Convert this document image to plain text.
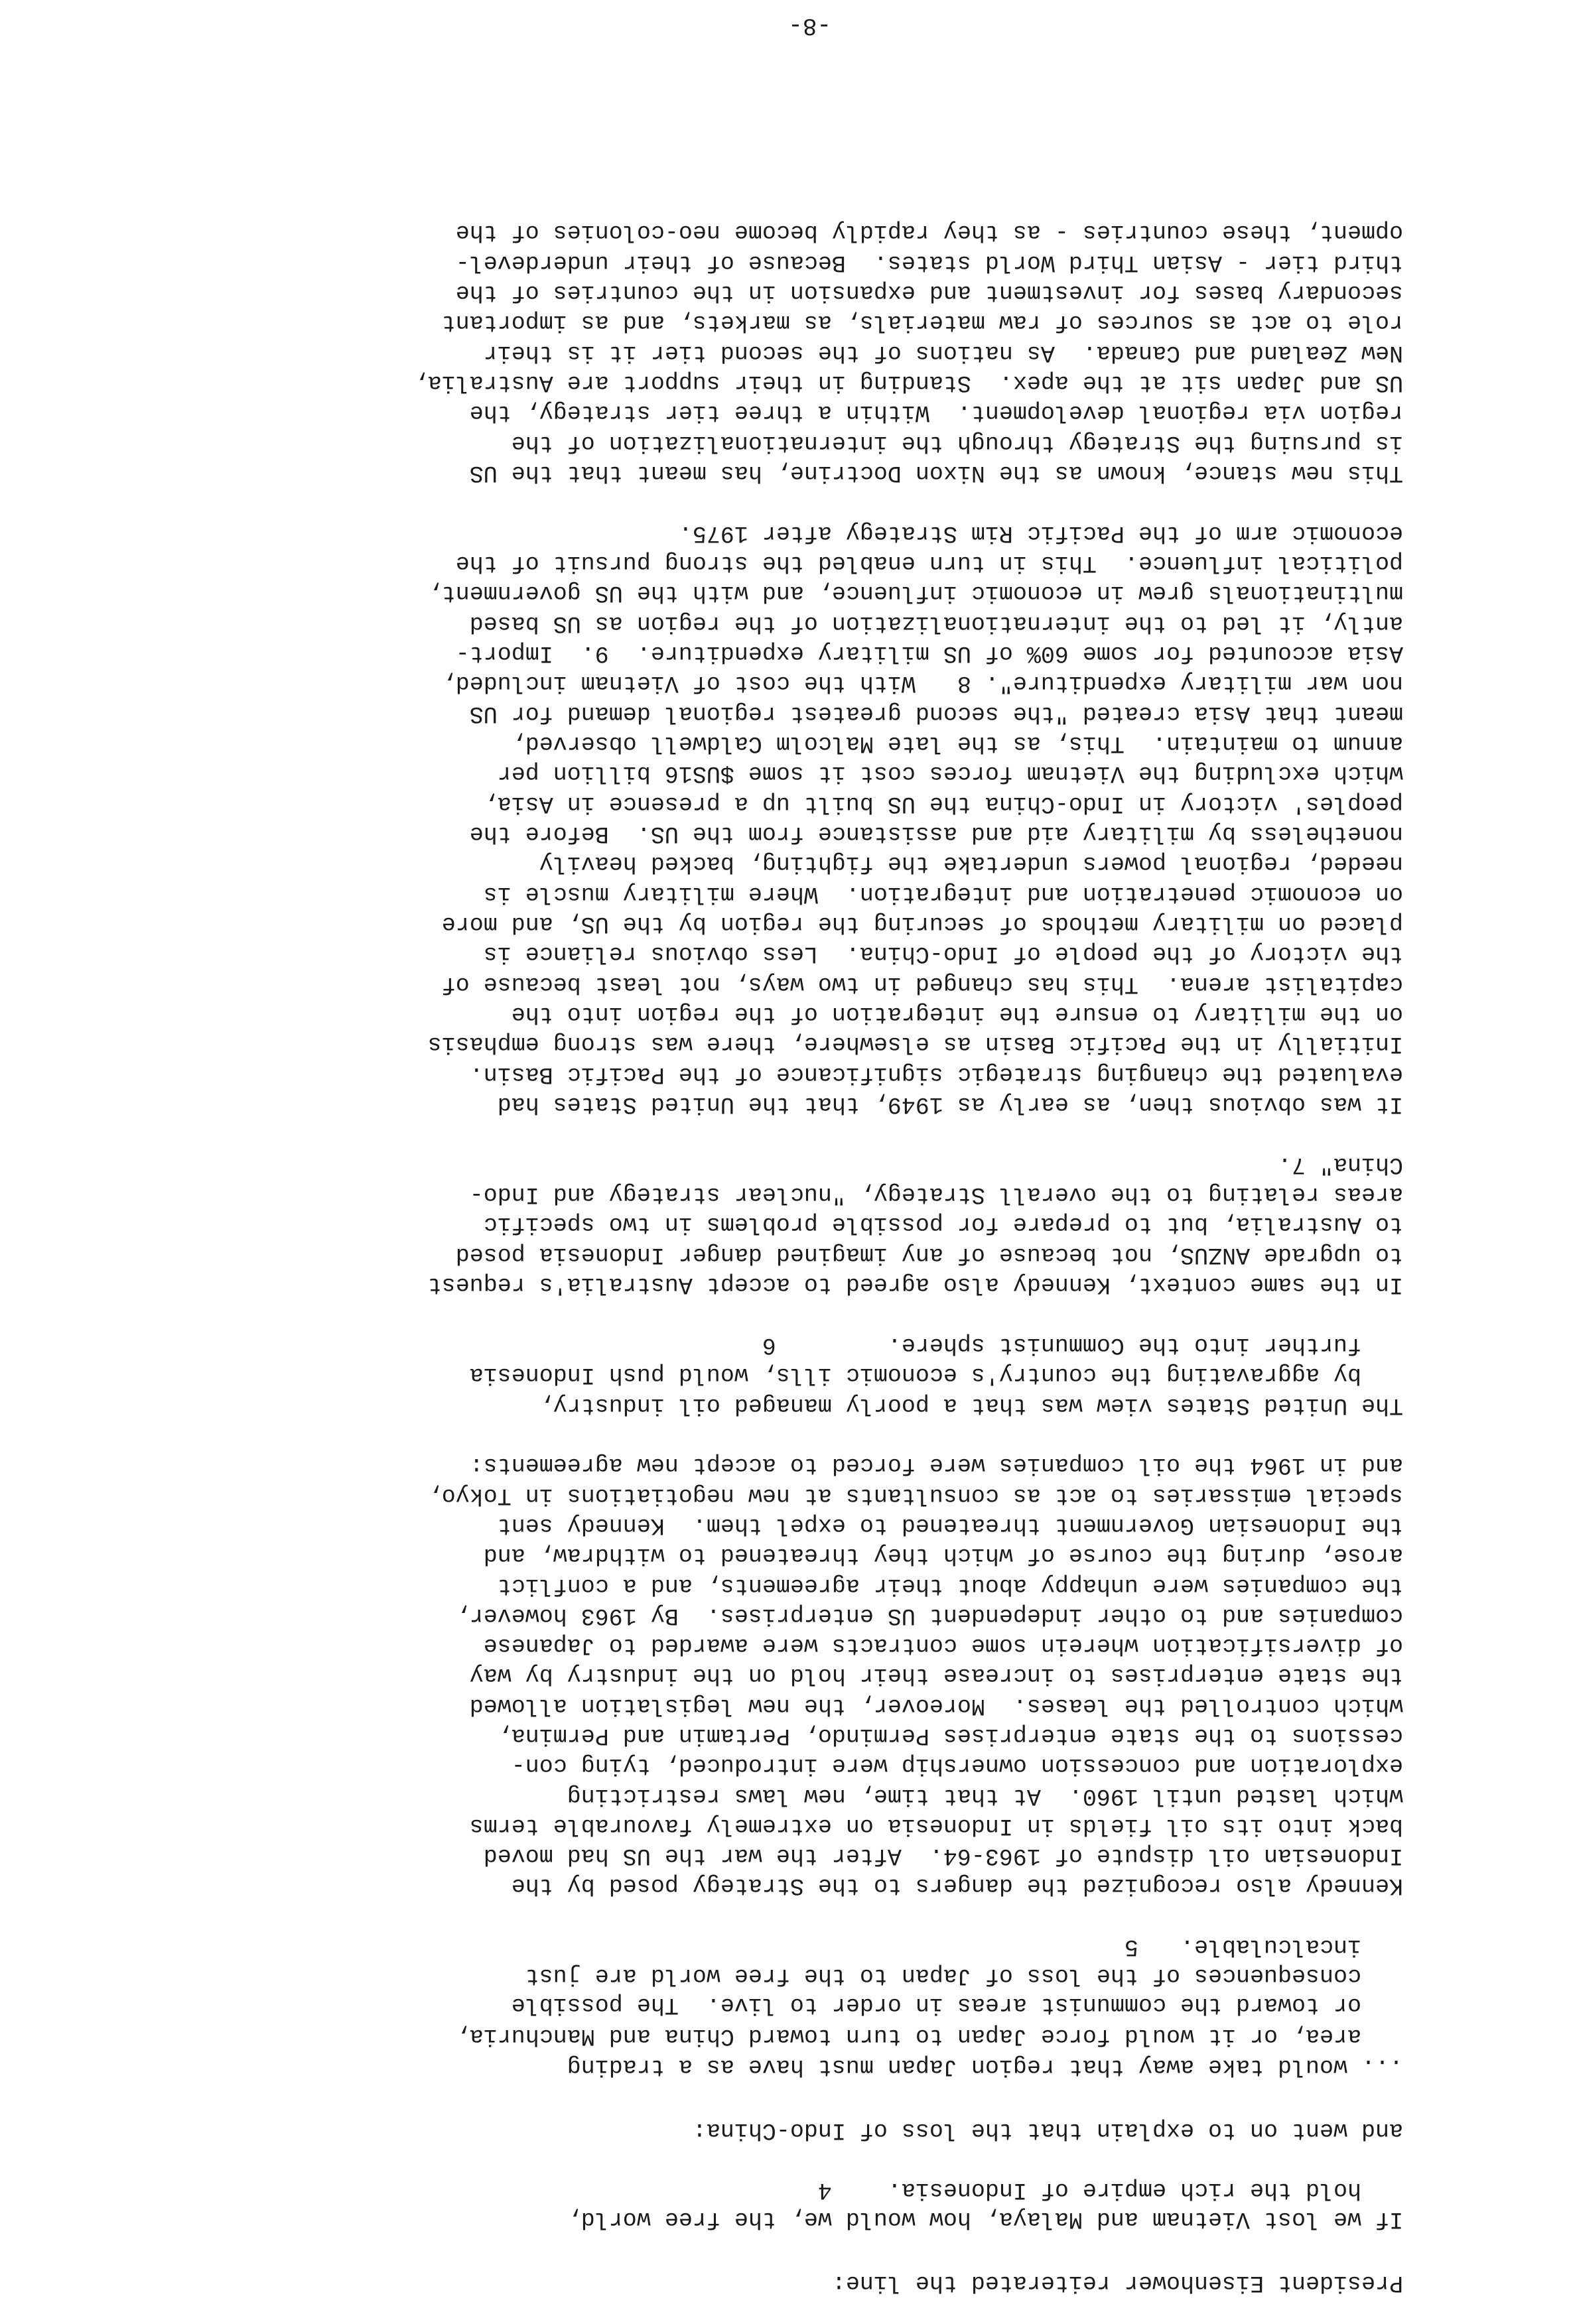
President Eisenhower reiterated the line:
If we lost Vietnam and Malaya, how would we, the free world,
hold the rich empire of Indonesia.    4
and went on to explain that the loss of Indo-China:
... would take away that region Japan must have as a trading
area, or it would force Japan to turn toward China and Manchuria,
or toward the communist areas in order to live.  The possible
consequences of the loss of Japan to the free world are just
incalculable.   5
Kennedy also recognized the dangers to the Strategy posed by the
Indonesian oil dispute of 1963-64.  After the war the US had moved
back into its oil fields in Indonesia on extremely favourable terms
which lasted until 1960.  At that time, new laws restricting
exploration and concession ownership were introduced, tying con-
cessions to the state enterprises Permindo, Pertamin and Permina,
which controlled the leases.  Moreover, the new legislation allowed
the state enterprises to increase their hold on the industry by way
of diversification wherein some contracts were awarded to Japanese
companies and to other independent US enterprises.  By 1963 however,
the companies were unhappy about their agreements, and a conflict
arose, during the course of which they threatened to withdraw, and
the Indonesian Government threatened to expel them.  Kennedy sent
special emissaries to act as consultants at new negotiations in Tokyo,
and in 1964 the oil companies were forced to accept new agreements:
The United States view was that a poorly managed oil industry,
by aggravating the country's economic ills, would push Indonesia
further into the Communist sphere.        6
In the same context, Kennedy also agreed to accept Australia's request
to upgrade ANZUS, not because of any imagined danger Indonesia posed
to Australia, but to prepare for possible problems in two specific
areas relating to the overall Strategy, "nuclear strategy and Indo-
China" 7.
It was obvious then, as early as 1949, that the United States had
evaluated the changing strategic significance of the Pacific Basin.
Initially in the Pacific Basin as elsewhere, there was strong emphasis
on the military to ensure the integration of the region into the
capitalist arena.  This has changed in two ways, not least because of
the victory of the people of Indo-China.  Less obvious reliance is
placed on military methods of securing the region by the US, and more
on economic penetration and integration.  Where military muscle is
needed, regional powers undertake the fighting, backed heavily
nonetheless by military aid and assistance from the US.  Before the
peoples' victory in Indo-China the US built up a presence in Asia,
which excluding the Vietnam forces cost it some $US16 billion per
annum to maintain.  This, as the late Malcolm Caldwell observed,
meant that Asia created "the second greatest regional demand for US
non war military expenditure". 8   With the cost of Vietnam included,
Asia accounted for some 60% of US military expenditure.  9.  Import-
antly, it led to the internationalization of the region as US based
multinationals grew in economic influence, and with the US government,
political influence.  This in turn enabled the strong pursuit of the
economic arm of the Pacific Rim Strategy after 1975.
This new stance, known as the Nixon Doctrine, has meant that the US
is pursuing the Strategy through the internationalization of the
region via regional development.  Within a three tier strategy, the
US and Japan sit at the apex.  Standing in their support are Australia,
New Zealand and Canada.  As nations of the second tier it is their
role to act as sources of raw materials, as markets, and as important
secondary bases for investment and expansion in the countries of the
third tier - Asian Third World states.  Because of their underdevel-
opment, these countries - as they rapidly become neo-colonies of the
-8-
